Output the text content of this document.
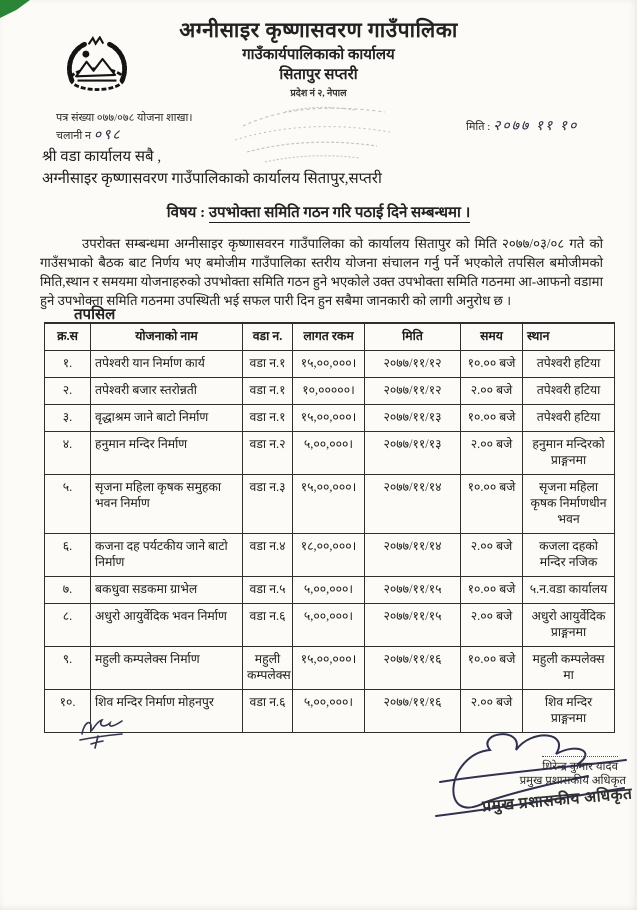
अग्नीसाइर कृष्णासवरण गाउँपालिका
गाउँकार्यपालिकाको कार्यालय
सितापुर सप्तरी
प्रदेश नं २, नेपाल
पत्र संख्या ०७७/०७८ योजना शाखा।
चलानी न ०९८
मिति : २०७७ ११ १०
श्री वडा कार्यालय सबै ,
अग्नीसाइर कृष्णासवरण गाउँपालिकाको कार्यालय सितापुर,सप्तरी
विषय : उपभोक्ता समिति गठन गरि पठाई दिने सम्बन्धमा ।
उपरोक्त सम्बन्धमा अग्नीसाइर कृष्णासवरन गाउँपालिका को कार्यालय सितापुर को मिति २०७७/०३/०८ गते को गाउँसभाको बैठक बाट निर्णय भए बमोजीम गाउँपालिका स्तरीय योजना संचालन गर्नु पर्ने भएकोले तपसिल बमोजीमको मिति,स्थान र समयमा योजनाहरुको उपभोक्ता समिति गठन हुने भएकोले उक्त उपभोक्ता समिति गठनमा आ-आफनो वडामा हुने उपभोक्ता समिति गठनमा उपस्थिती भई सफल पारी दिन हुन सबैमा जानकारी को लागी अनुरोध छ ।
तपसिल
क्र.स	योजनाको नाम	वडा न.	लागत रकम	मिति	समय	स्थान
१.	तपेश्वरी यान निर्माण कार्य	वडा न.१	१५,००,०००।	२०७७/११/१२	१०.०० बजे	तपेश्वरी हटिया
२.	तपेश्वरी बजार स्तरोन्नती	वडा न.१	१०,०००००।	२०७७/११/१२	२.०० बजे	तपेश्वरी हटिया
३.	वृद्धाश्रम जाने बाटो निर्माण	वडा न.१	१५,००,०००।	२०७७/११/१३	१०.०० बजे	तपेश्वरी हटिया
४.	हनुमान मन्दिर निर्माण	वडा न.२	५,००,०००।	२०७७/११/१३	२.०० बजे	हनुमान मन्दिरको प्राङ्गनमा
५.	सृजना महिला कृषक समुहका भवन निर्माण	वडा न.३	१५,००,०००।	२०७७/११/१४	१०.०० बजे	सृजना महिला कृषक निर्माणधीन भवन
६.	कजना दह पर्यटकीय जाने बाटो निर्माण	वडा न.४	१८,००,०००।	२०७७/११/१४	२.०० बजे	कजला दहको मन्दिर नजिक
७.	बकधुवा सडकमा ग्राभेल	वडा न.५	५,००,०००।	२०७७/११/१५	१०.०० बजे	५.न.वडा कार्यालय
८.	अधुरो आयुर्वेदिक भवन निर्माण	वडा न.६	५,००,०००।	२०७७/११/१५	२.०० बजे	अधुरो आयुर्वेदिक प्राङ्गनमा
९.	महुली कम्पलेक्स निर्माण	महुली कम्पलेक्स	१५,००,०००।	२०७७/११/१६	१०.०० बजे	महुली कम्पलेक्स मा
१०.	शिव मन्दिर निर्माण मोहनपुर	वडा न.६	५,००,०००।	२०७७/११/१६	२.०० बजे	शिव मन्दिर प्राङ्गनमा
धिरेन्द्र कुमार यादव
प्रमुख प्रशासकीय अधिकृत
प्रमुख प्रशासकीय अधिकृत
